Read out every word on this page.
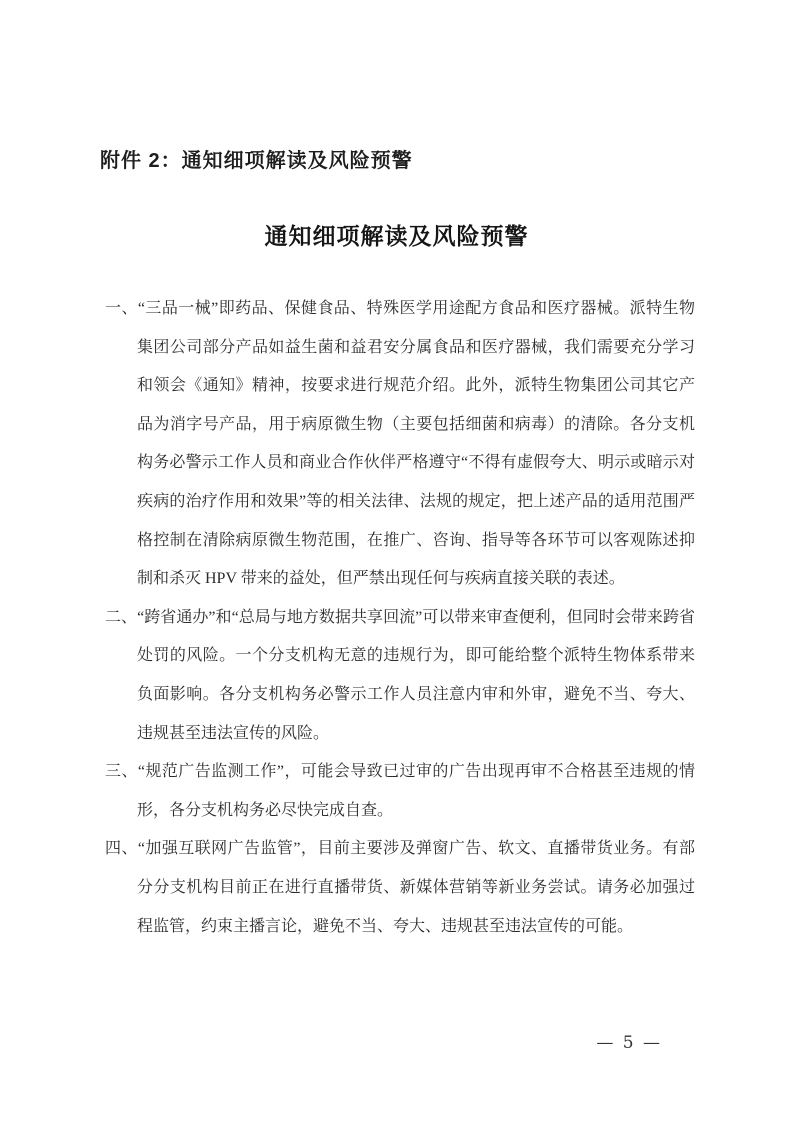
附件 2：通知细项解读及风险预警
通知细项解读及风险预警

一、“三品一械”即药品、保健食品、特殊医学用途配方食品和医疗器械。派特生物集团公司部分产品如益生菌和益君安分属食品和医疗器械，我们需要充分学习和领会《通知》精神，按要求进行规范介绍。此外，派特生物集团公司其它产品为消字号产品，用于病原微生物（主要包括细菌和病毒）的清除。各分支机构务必警示工作人员和商业合作伙伴严格遵守“不得有虚假夸大、明示或暗示对疾病的治疗作用和效果”等的相关法律、法规的规定，把上述产品的适用范围严格控制在清除病原微生物范围，在推广、咨询、指导等各环节可以客观陈述抑制和杀灭 HPV 带来的益处，但严禁出现任何与疾病直接关联的表述。

二、“跨省通办”和“总局与地方数据共享回流”可以带来审查便利，但同时会带来跨省处罚的风险。一个分支机构无意的违规行为，即可能给整个派特生物体系带来负面影响。各分支机构务必警示工作人员注意内审和外审，避免不当、夸大、违规甚至违法宣传的风险。

三、“规范广告监测工作”，可能会导致已过审的广告出现再审不合格甚至违规的情形，各分支机构务必尽快完成自查。

四、“加强互联网广告监管”，目前主要涉及弹窗广告、软文、直播带货业务。有部分分支机构目前正在进行直播带货、新媒体营销等新业务尝试。请务必加强过程监管，约束主播言论，避免不当、夸大、违规甚至违法宣传的可能。

— 5 —
